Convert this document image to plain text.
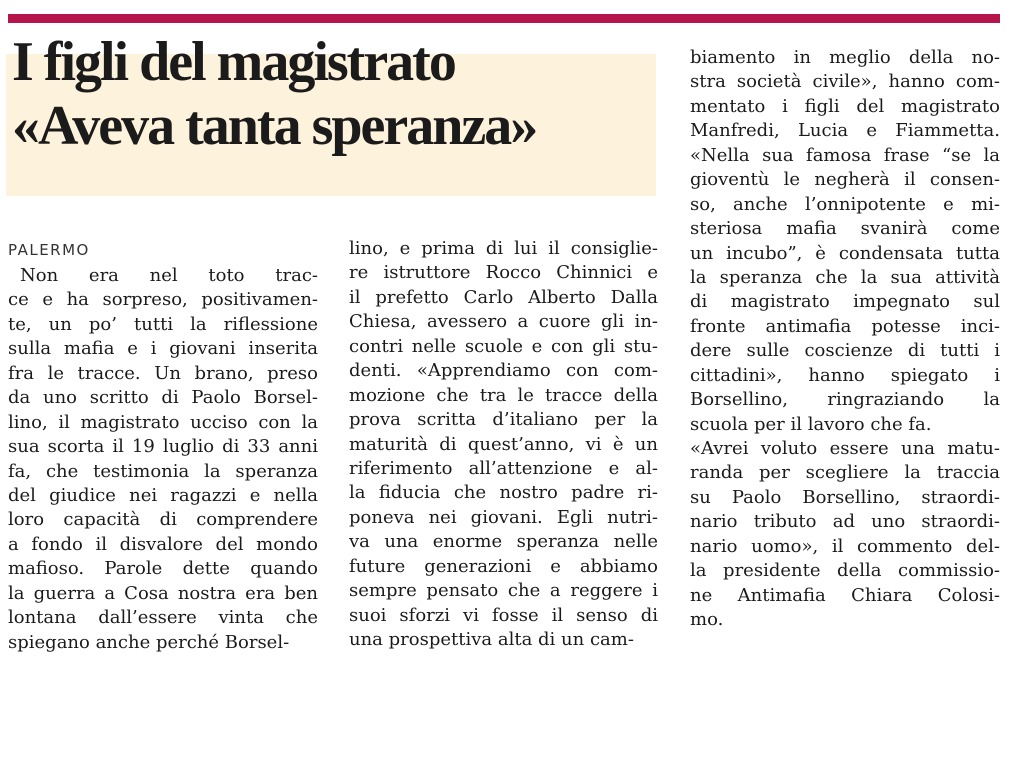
I figli del magistrato
«Aveva tanta speranza»

PALERMO

Non era nel toto trac-
ce e ha sorpreso, positivamen-
te, un po’ tutti la riflessione
sulla mafia e i giovani inserita
fra le tracce. Un brano, preso
da uno scritto di Paolo Borsel-
lino, il magistrato ucciso con la
sua scorta il 19 luglio di 33 anni
fa, che testimonia la speranza
del giudice nei ragazzi e nella
loro capacità di comprendere
a fondo il disvalore del mondo
mafioso. Parole dette quando
la guerra a Cosa nostra era ben
lontana dall’essere vinta che
spiegano anche perché Borsel-
lino, e prima di lui il consiglie-
re istruttore Rocco Chinnici e
il prefetto Carlo Alberto Dalla
Chiesa, avessero a cuore gli in-
contri nelle scuole e con gli stu-
denti. «Apprendiamo con com-
mozione che tra le tracce della
prova scritta d’italiano per la
maturità di quest’anno, vi è un
riferimento all’attenzione e al-
la fiducia che nostro padre ri-
poneva nei giovani. Egli nutri-
va una enorme speranza nelle
future generazioni e abbiamo
sempre pensato che a reggere i
suoi sforzi vi fosse il senso di
una prospettiva alta di un cam-
biamento in meglio della no-
stra società civile», hanno com-
mentato i figli del magistrato
Manfredi, Lucia e Fiammetta.
«Nella sua famosa frase “se la
gioventù le negherà il consen-
so, anche l’onnipotente e mi-
steriosa mafia svanirà come
un incubo”, è condensata tutta
la speranza che la sua attività
di magistrato impegnato sul
fronte antimafia potesse inci-
dere sulle coscienze di tutti i
cittadini», hanno spiegato i
Borsellino, ringraziando la
scuola per il lavoro che fa.
«Avrei voluto essere una matu-
randa per scegliere la traccia
su Paolo Borsellino, straordi-
nario tributo ad uno straordi-
nario uomo», il commento del-
la presidente della commissio-
ne Antimafia Chiara Colosi-
mo.
